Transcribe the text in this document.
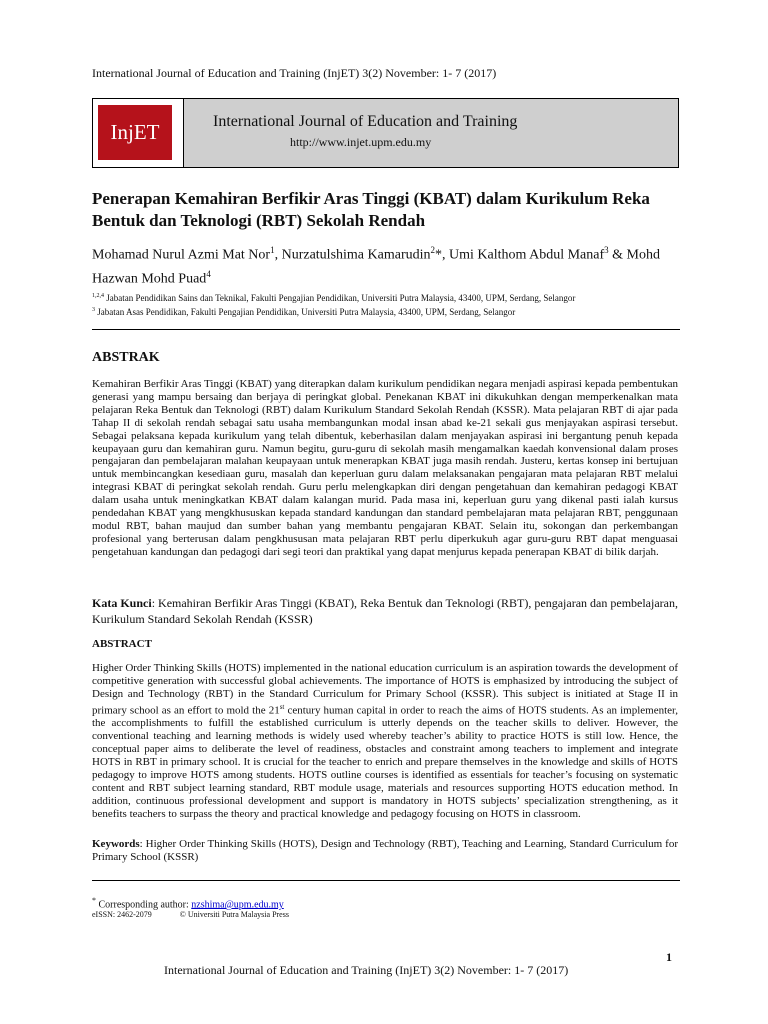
International Journal of Education and Training (InjET) 3(2) November: 1- 7 (2017)
InjET	International Journal of Education and Training
http://www.injet.upm.edu.my
Penerapan Kemahiran Berfikir Aras Tinggi (KBAT) dalam Kurikulum Reka Bentuk dan Teknologi (RBT) Sekolah Rendah
Mohamad Nurul Azmi Mat Nor$^1$, Nurzatulshima Kamarudin$^2$*, Umi Kalthom Abdul Manaf$^3$ & Mohd Hazwan Mohd Puad$^4$
$^{1,2,4}$ Jabatan Pendidikan Sains dan Teknikal, Fakulti Pengajian Pendidikan, Universiti Putra Malaysia, 43400, UPM, Serdang, Selangor
$^3$ Jabatan Asas Pendidikan, Fakulti Pengajian Pendidikan, Universiti Putra Malaysia, 43400, UPM, Serdang, Selangor
ABSTRAK
Kemahiran Berfikir Aras Tinggi (KBAT) yang diterapkan dalam kurikulum pendidikan negara menjadi aspirasi kepada pembentukan generasi yang mampu bersaing dan berjaya di peringkat global. Penekanan KBAT ini dikukuhkan dengan memperkenalkan mata pelajaran Reka Bentuk dan Teknologi (RBT) dalam Kurikulum Standard Sekolah Rendah (KSSR). Mata pelajaran RBT di ajar pada Tahap II di sekolah rendah sebagai satu usaha membangunkan modal insan abad ke-21 sekali gus menjayakan aspirasi tersebut. Sebagai pelaksana kepada kurikulum yang telah dibentuk, keberhasilan dalam menjayakan aspirasi ini bergantung penuh kepada keupayaan guru dan kemahiran guru. Namun begitu, guru-guru di sekolah masih mengamalkan kaedah konvensional dalam proses pengajaran dan pembelajaran malahan keupayaan untuk menerapkan KBAT juga masih rendah. Justeru, kertas konsep ini bertujuan untuk membincangkan kesediaan guru, masalah dan keperluan guru dalam melaksanakan pengajaran mata pelajaran RBT melalui integrasi KBAT di peringkat sekolah rendah. Guru perlu melengkapkan diri dengan pengetahuan dan kemahiran pedagogi KBAT dalam usaha untuk meningkatkan KBAT dalam kalangan murid. Pada masa ini, keperluan guru yang dikenal pasti ialah kursus pendedahan KBAT yang mengkhususkan kepada standard kandungan dan standard pembelajaran mata pelajaran RBT, penggunaan modul RBT, bahan maujud dan sumber bahan yang membantu pengajaran KBAT. Selain itu, sokongan dan perkembangan profesional yang berterusan dalam pengkhususan mata pelajaran RBT perlu diperkukuh agar guru-guru RBT dapat menguasai pengetahuan kandungan dan pedagogi dari segi teori dan praktikal yang dapat menjurus kepada penerapan KBAT di bilik darjah.
Kata Kunci: Kemahiran Berfikir Aras Tinggi (KBAT), Reka Bentuk dan Teknologi (RBT), pengajaran dan pembelajaran, Kurikulum Standard Sekolah Rendah (KSSR)
ABSTRACT
Higher Order Thinking Skills (HOTS) implemented in the national education curriculum is an aspiration towards the development of competitive generation with successful global achievements. The importance of HOTS is emphasized by introducing the subject of Design and Technology (RBT) in the Standard Curriculum for Primary School (KSSR). This subject is initiated at Stage II in primary school as an effort to mold the 21st century human capital in order to reach the aims of HOTS students. As an implementer, the accomplishments to fulfill the established curriculum is utterly depends on the teacher skills to deliver. However, the conventional teaching and learning methods is widely used whereby teacher’s ability to practice HOTS is still low. Hence, the conceptual paper aims to deliberate the level of readiness, obstacles and constraint among teachers to implement and integrate HOTS in RBT in primary school. It is crucial for the teacher to enrich and prepare themselves in the knowledge and skills of HOTS pedagogy to improve HOTS among students. HOTS outline courses is identified as essentials for teacher’s focusing on systematic content and RBT subject learning standard, RBT module usage, materials and resources supporting HOTS education method. In addition, continuous professional development and support is mandatory in HOTS subjects’ specialization strengthening, as it benefits teachers to surpass the theory and practical knowledge and pedagogy focusing on HOTS in classroom.
Keywords: Higher Order Thinking Skills (HOTS), Design and Technology (RBT), Teaching and Learning, Standard Curriculum for Primary School (KSSR)
* Corresponding author: nzshima@upm.edu.my
eISSN: 2462-2079	© Universiti Putra Malaysia Press
1
International Journal of Education and Training (InjET) 3(2) November: 1- 7 (2017)
